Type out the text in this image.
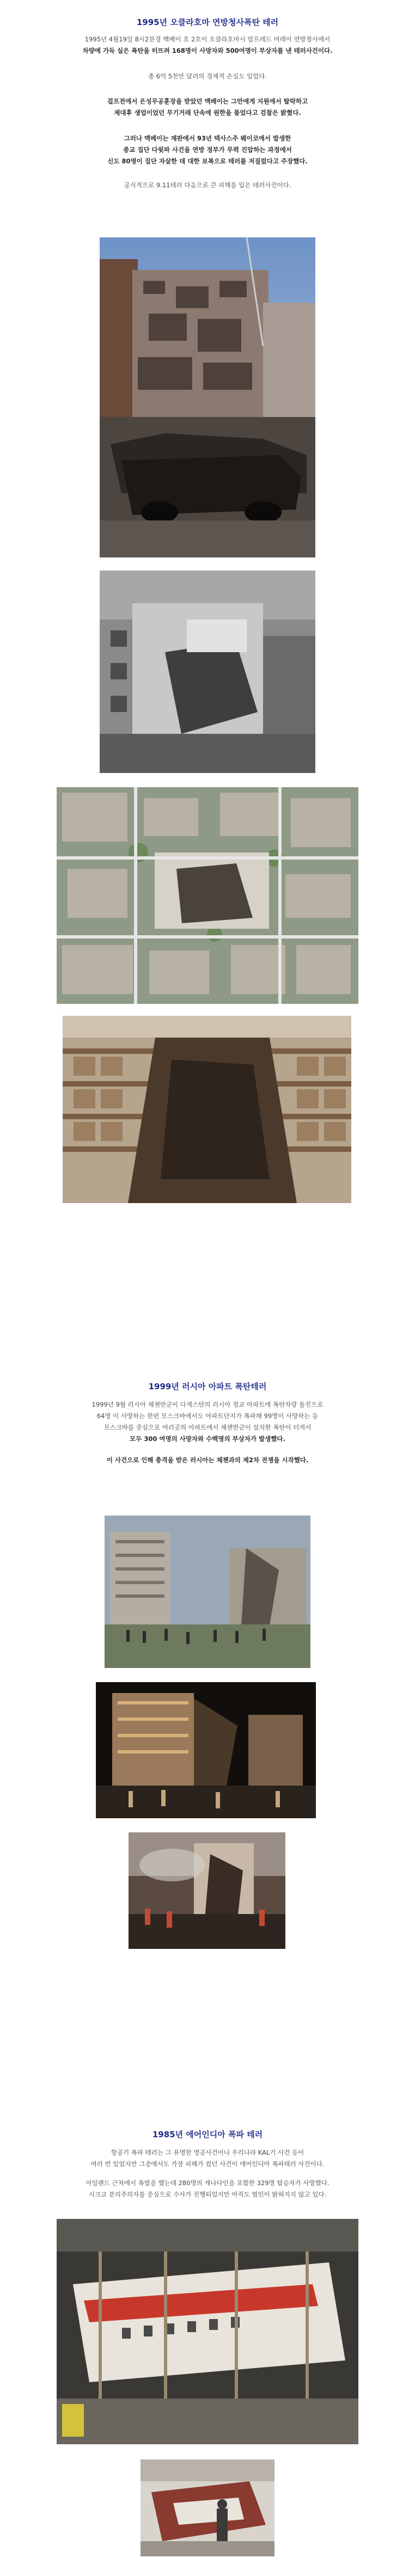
1995년 오클라호마 연방청사폭탄 테러
1995년 4월19일 8시2분경 백베이 호 2호이 오클라호마시 알프레드 머레이 연방청사에서
차량에 가득 실은 폭탄을 터뜨려 168명이 사망자와 500여명이 부상자를 낸 테러사건이다.
총 6억 5천만 달러의 경제적 손실도 입었다.
걸프전에서 은성무공훈장을 받았던 맥베이는 그만에게 지원에서 탈락하고
제대후 생업이었던 무기거래 단속에 원한을 품었다고 검찰은 밝혔다.
그러나 맥베이는 재판에서 93년 텍사스주 웨이코에서 발생한
종교 집단 다윗파 사건을 연방 정부가 무력 진압하는 과정에서
신도 80명이 집단 자살한 데 대한 보복으로 테러를 저질렀다고 주장했다.
공식적으로 9.11테러 다음으로 큰 피해를 입은 테러사건이다.
1999년 러시아 아파트 폭탄테러
1999년 9월 러시아 체첸반군이 다게스탄의 러시아 정교 아파트에 폭탄차량 돌진으로
64명 이 사망하는 한편 모스크바에서도 아파트단지가 폭파해 99명이 사망하는 등
모스크바를 중심으로 여러곳의 아파트에서 체첸반군이 설치한 폭탄이 터져서
모두 300 여명의 사망자와 수백명의 부상자가 발생했다.
이 사건으로 인해 충격을 받은 러시아는 체첸과의 제2차 전쟁을 시작했다.
1985년 에어인디아 폭파 테러
항공기 폭파 테러는 그 유명한 영공사건이나 우리나라 KAL기 사건 등이
여러 번 있었지만 그중에서도 가장 피해가 컸던 사건이 에어인디아 폭파테러 사건이다.
아일랜드 근처에서 폭발을 했는데 280명의 캐나다인을 포함한 329명 탑승자가 사망했다.
시크교 분리주의자를 중심으로 수사가 진행되었지만 아직도 범인이 밝혀지지 않고 있다.
